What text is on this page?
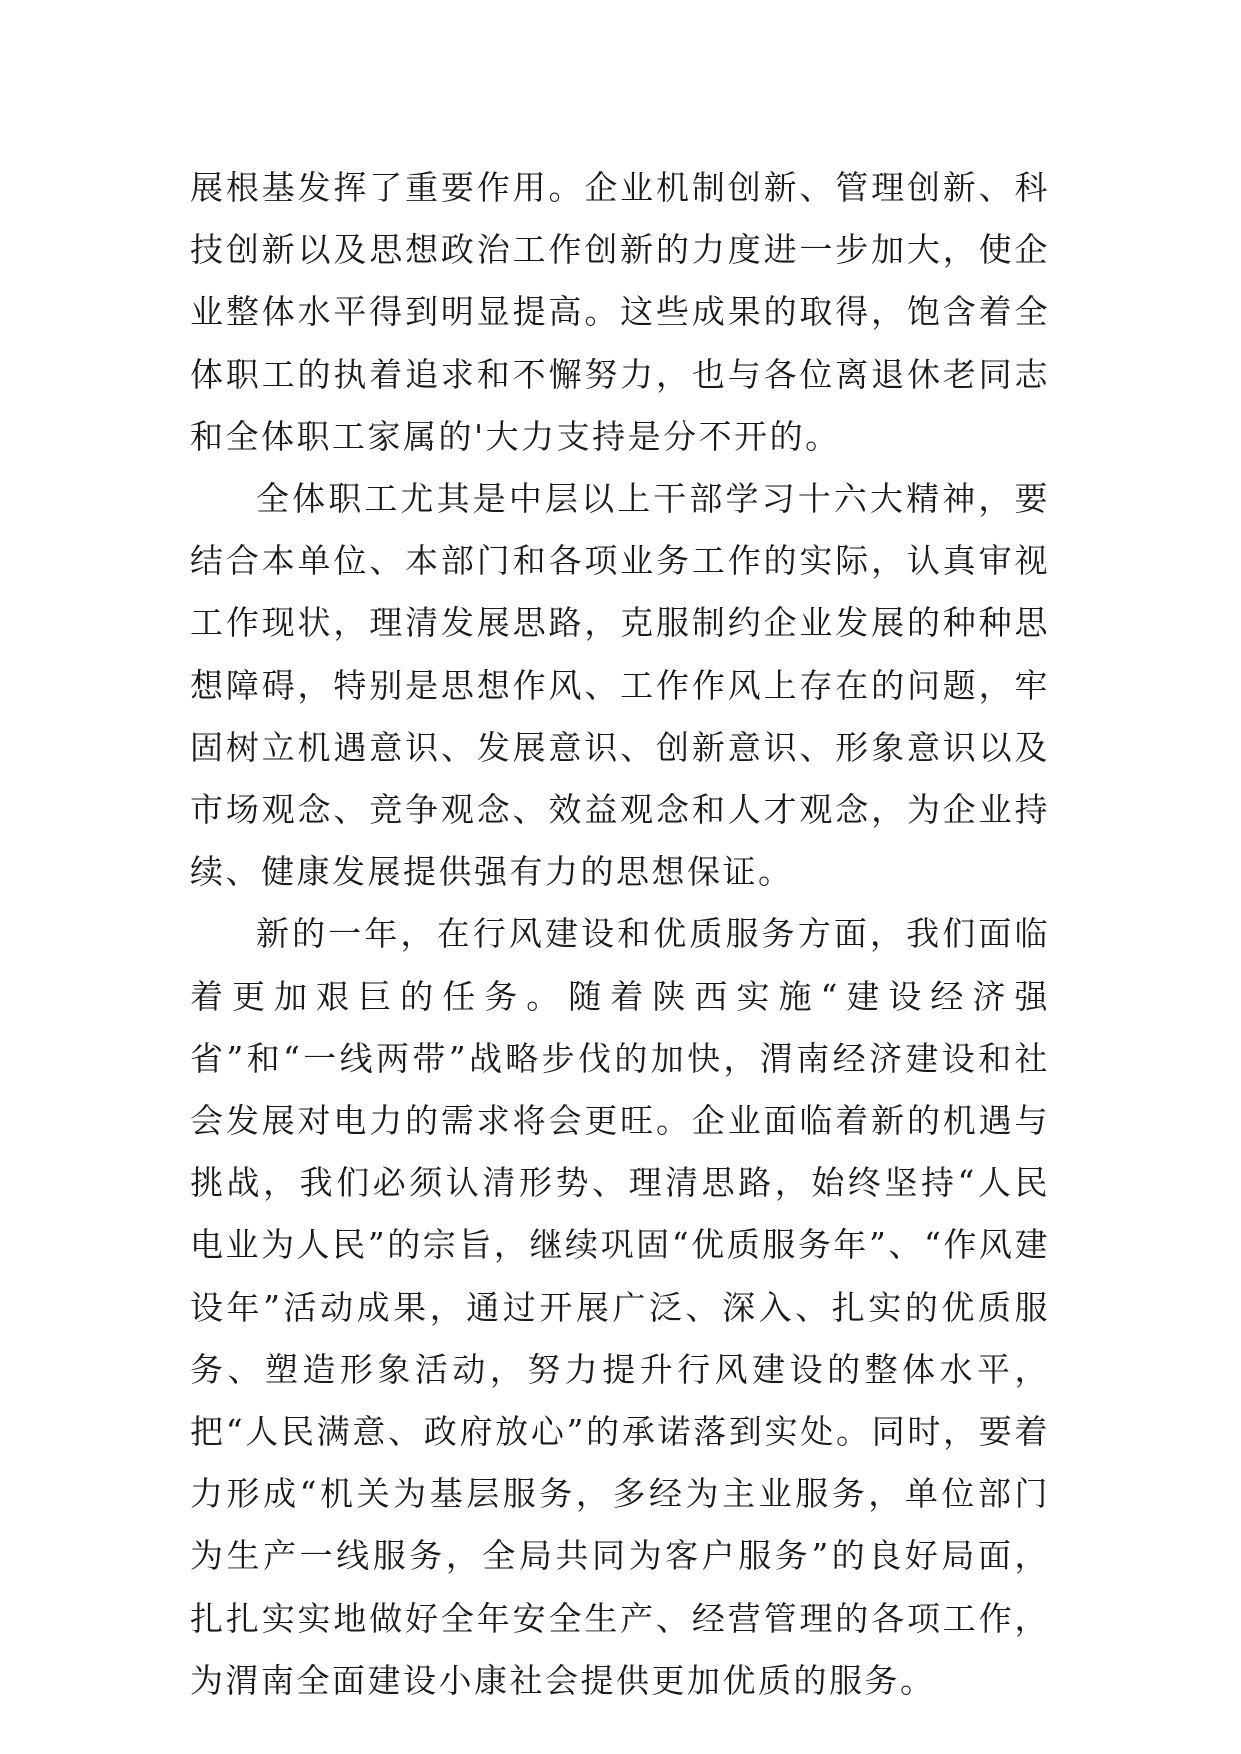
展根基发挥了重要作用。企业机制创新、管理创新、科技创新以及思想政治工作创新的力度进一步加大，使企业整体水平得到明显提高。这些成果的取得，饱含着全体职工的执着追求和不懈努力，也与各位离退休老同志和全体职工家属的'大力支持是分不开的。

全体职工尤其是中层以上干部学习十六大精神，要结合本单位、本部门和各项业务工作的实际，认真审视工作现状，理清发展思路，克服制约企业发展的种种思想障碍，特别是思想作风、工作作风上存在的问题，牢固树立机遇意识、发展意识、创新意识、形象意识以及市场观念、竞争观念、效益观念和人才观念，为企业持续、健康发展提供强有力的思想保证。

新的一年，在行风建设和优质服务方面，我们面临着更加艰巨的任务。随着陕西实施“建设经济强省”和“一线两带”战略步伐的加快，渭南经济建设和社会发展对电力的需求将会更旺。企业面临着新的机遇与挑战，我们必须认清形势、理清思路，始终坚持“人民电业为人民”的宗旨，继续巩固“优质服务年”、“作风建设年”活动成果，通过开展广泛、深入、扎实的优质服务、塑造形象活动，努力提升行风建设的整体水平，把“人民满意、政府放心”的承诺落到实处。同时，要着力形成“机关为基层服务，多经为主业服务，单位部门为生产一线服务，全局共同为客户服务”的良好局面，扎扎实实地做好全年安全生产、经营管理的各项工作，为渭南全面建设小康社会提供更加优质的服务。
